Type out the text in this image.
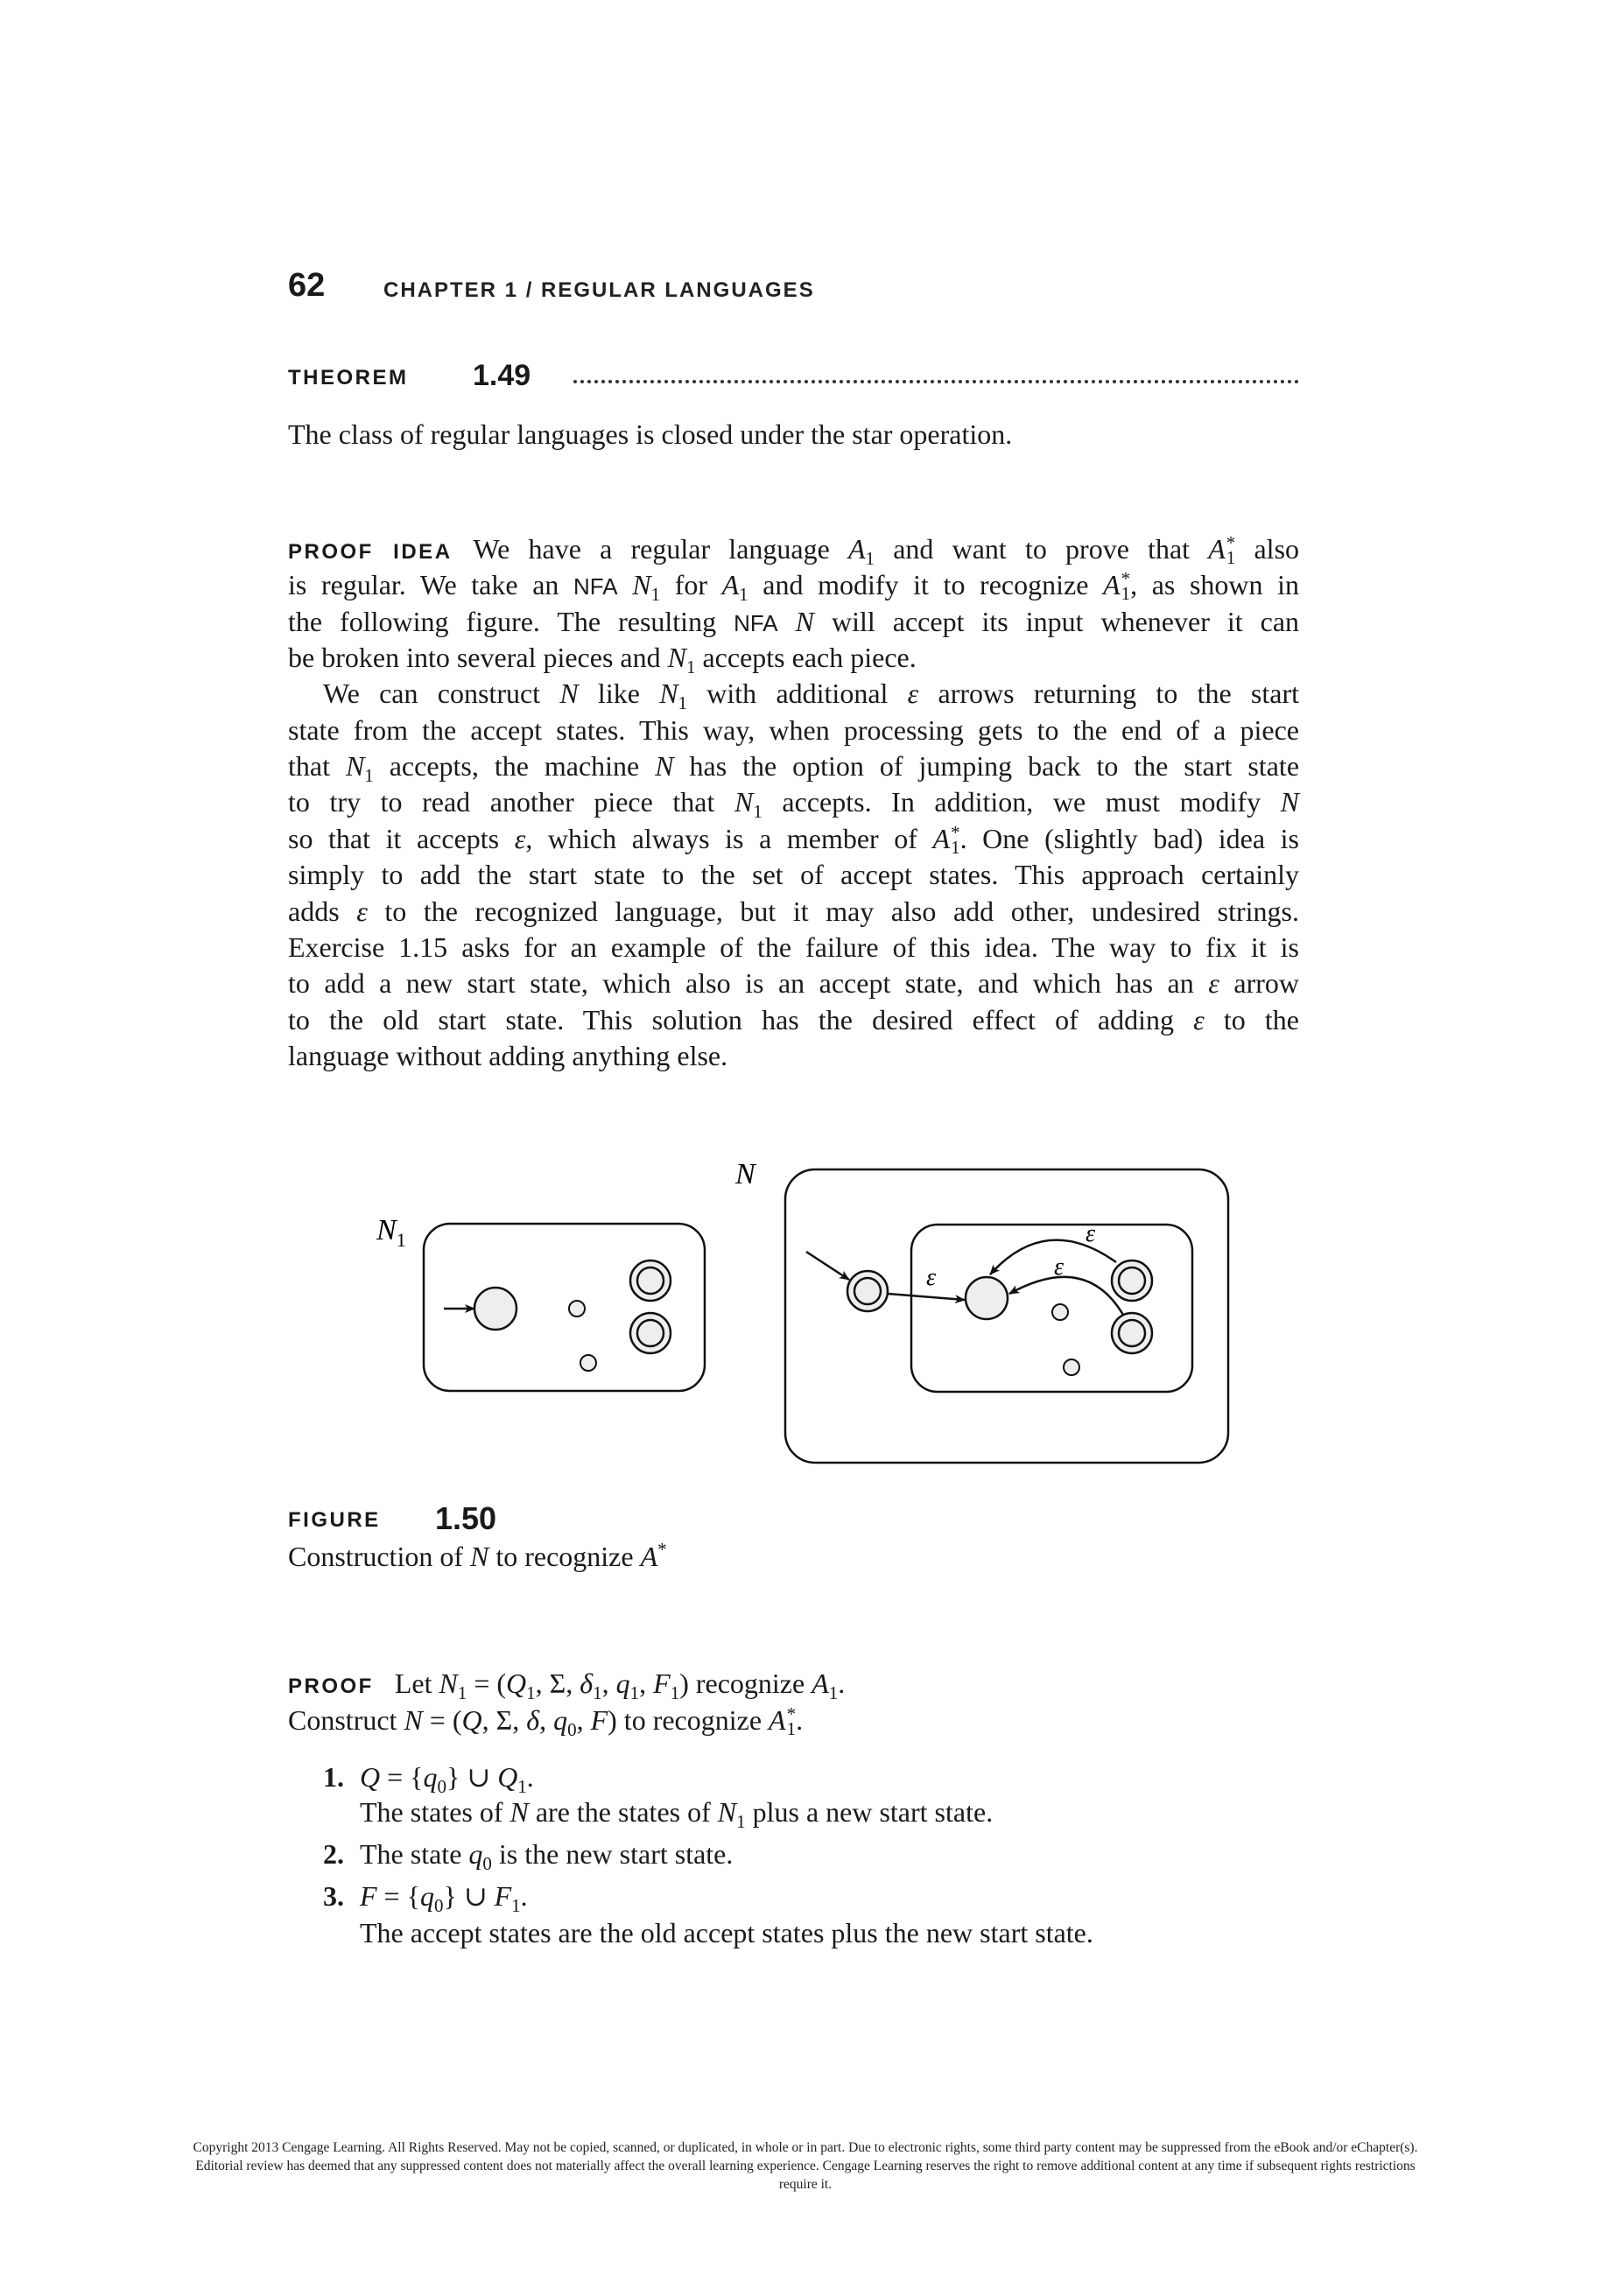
62	CHAPTER 1 / REGULAR LANGUAGES
THEOREM 1.49
The class of regular languages is closed under the star operation.
PROOF IDEA We have a regular language $A_1$ and want to prove that A *
1 also
is regular. We take an NFA $N_1$ for $A_1$ and modify it to recognize A *
1 , as shown in
the following figure. The resulting NFA N will accept its input whenever it can
be broken into several pieces and $N_1$ accepts each piece.
We can construct N like $N_1$ with additional ε arrows returning to the start
state from the accept states. This way, when processing gets to the end of a piece
that $N_1$ accepts, the machine N has the option of jumping back to the start state
to try to read another piece that $N_1$ accepts. In addition, we must modify N
so that it accepts ε, which always is a member of A *
1 . One (slightly bad) idea is
simply to add the start state to the set of accept states. This approach certainly
adds ε to the recognized language, but it may also add other, undesired strings.
Exercise 1.15 asks for an example of the failure of this idea. The way to fix it is
to add a new start state, which also is an accept state, and which has an ε arrow
to the old start state. This solution has the desired effect of adding ε to the
language without adding anything else.
$N_1$
N
ε
ε
ε
FIGURE 1.50
Construction of N to recognize A*
PROOF Let $N_1 = (Q_1$, Σ, $\delta_1$, $q_1$, $F_1$) recognize $A_1$.
Construct N = (Q, Σ, δ, $q_0$, F) to recognize A *
1 .
1. $Q = \{q_0\}$ ∪ $Q_1$.
The states of N are the states of $N_1$ plus a new start state.
2. The state $q_0$ is the new start state.
3. $F = \{q_0\}$ ∪ $F_1$.
The accept states are the old accept states plus the new start state.
Copyright 2013 Cengage Learning. All Rights Reserved. May not be copied, scanned, or duplicated, in whole or in part. Due to electronic rights, some third party content may be suppressed from the eBook and/or eChapter(s). Editorial review has deemed that any suppressed content does not materially affect the overall learning experience. Cengage Learning reserves the right to remove additional content at any time if subsequent rights restrictions require it.
